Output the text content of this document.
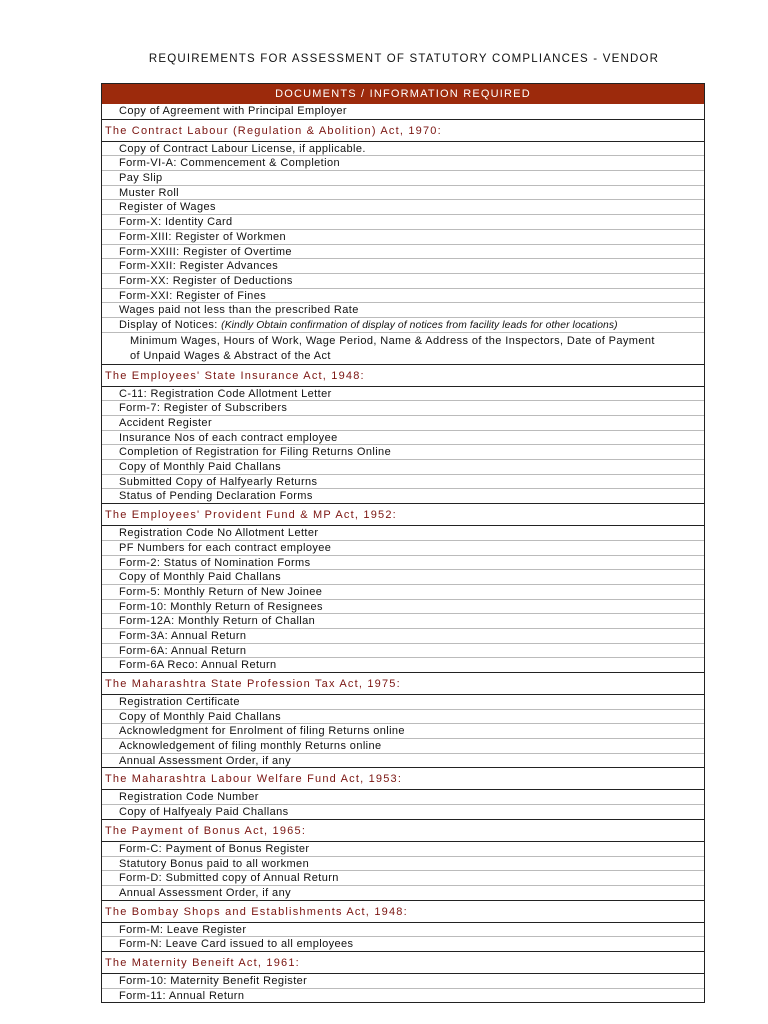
REQUIREMENTS FOR ASSESSMENT OF STATUTORY COMPLIANCES - VENDOR
DOCUMENTS / INFORMATION REQUIRED
Copy of Agreement with Principal Employer
The Contract Labour (Regulation & Abolition) Act, 1970:
Copy of Contract Labour License, if applicable.
Form-VI-A: Commencement & Completion
Pay Slip
Muster Roll
Register of Wages
Form-X: Identity Card
Form-XIII: Register of Workmen
Form-XXIII: Register of Overtime
Form-XXII: Register Advances
Form-XX: Register of Deductions
Form-XXI: Register of Fines
Wages paid not less than the prescribed Rate
Display of Notices: (Kindly Obtain confirmation of display of notices from facility leads for other locations)
Minimum Wages, Hours of Work, Wage Period, Name & Address of the Inspectors, Date of Payment of Unpaid Wages & Abstract of the Act
The Employees' State Insurance Act, 1948:
C-11: Registration Code Allotment Letter
Form-7: Register of Subscribers
Accident Register
Insurance Nos of each contract employee
Completion of Registration for Filing Returns Online
Copy of Monthly Paid Challans
Submitted Copy of Halfyearly Returns
Status of Pending Declaration Forms
The Employees' Provident Fund & MP Act, 1952:
Registration Code No Allotment Letter
PF Numbers for each contract employee
Form-2: Status of Nomination Forms
Copy of Monthly Paid Challans
Form-5: Monthly Return of New Joinee
Form-10: Monthly Return of Resignees
Form-12A: Monthly Return of Challan
Form-3A: Annual Return
Form-6A: Annual Return
Form-6A Reco: Annual Return
The Maharashtra State Profession Tax Act, 1975:
Registration Certificate
Copy of Monthly Paid Challans
Acknowledgment for Enrolment of filing Returns online
Acknowledgement of filing monthly Returns online
Annual Assessment Order, if any
The Maharashtra Labour Welfare Fund Act, 1953:
Registration Code Number
Copy of Halfyealy Paid Challans
The Payment of Bonus Act, 1965:
Form-C: Payment of Bonus Register
Statutory Bonus paid to all workmen
Form-D: Submitted copy of Annual Return
Annual Assessment Order, if any
The Bombay Shops and Establishments Act, 1948:
Form-M: Leave Register
Form-N: Leave Card issued to all employees
The Maternity Beneift Act, 1961:
Form-10: Maternity Benefit Register
Form-11: Annual Return
